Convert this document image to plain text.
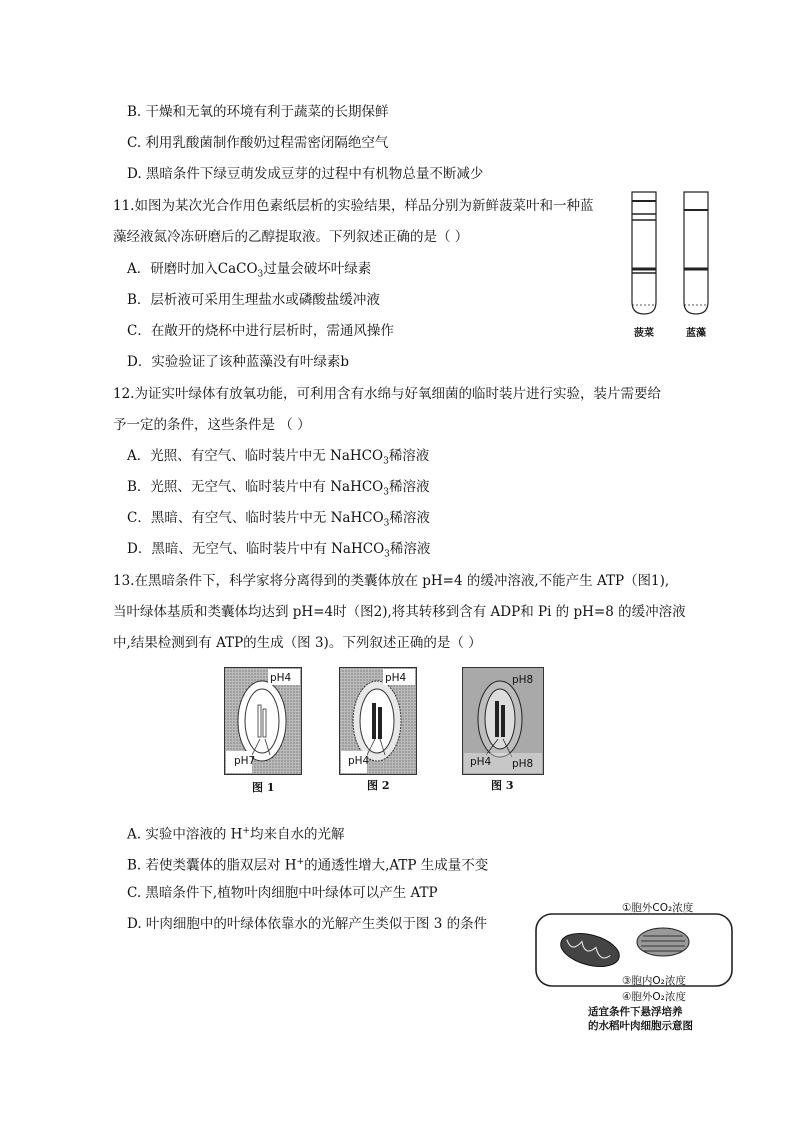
B. 干燥和无氧的环境有利于蔬菜的长期保鲜
C. 利用乳酸菌制作酸奶过程需密闭隔绝空气
D. 黑暗条件下绿豆萌发成豆芽的过程中有机物总量不断减少
11.如图为某次光合作用色素纸层析的实验结果，样品分别为新鲜菠菜叶和一种蓝
藻经液氮冷冻研磨后的乙醇提取液。下列叙述正确的是（ ）
A．研磨时加入CaCO$_3$过量会破坏叶绿素
B．层析液可采用生理盐水或磷酸盐缓冲液
C．在敞开的烧杯中进行层析时，需通风操作
D．实验验证了该种蓝藻没有叶绿素b
菠菜	蓝藻
12.为证实叶绿体有放氧功能，可利用含有水绵与好氧细菌的临时装片进行实验，装片需要给
予一定的条件，这些条件是 （ ）
A．光照、有空气、临时装片中无 NaHCO$_3$稀溶液
B．光照、无空气、临时装片中有 NaHCO$_3$稀溶液
C．黑暗、有空气、临时装片中无 NaHCO$_3$稀溶液
D．黑暗、无空气、临时装片中有 NaHCO$_3$稀溶液
13.在黑暗条件下，科学家将分离得到的类囊体放在 pH=4 的缓冲溶液,不能产生 ATP（图1),
当叶绿体基质和类囊体均达到 pH=4时（图2),将其转移到含有 ADP和 Pi 的 pH=8 的缓冲溶液
中,结果检测到有 ATP的生成（图 3)。下列叙述正确的是（ ）
pH4
pH7
pH4
pH4
pH8
pH4 pH8
图 1	图 2	图 3
A. 实验中溶液的 H+均来自水的光解
B. 若使类囊体的脂双层对 H+的通透性增大,ATP 生成量不变
C. 黑暗条件下,植物叶肉细胞中叶绿体可以产生 ATP
D. 叶肉细胞中的叶绿体依靠水的光解产生类似于图 3 的条件
①胞外CO₂浓度
③胞内O₂浓度
④胞外O₂浓度
适宜条件下悬浮培养
的水稻叶肉细胞示意图
